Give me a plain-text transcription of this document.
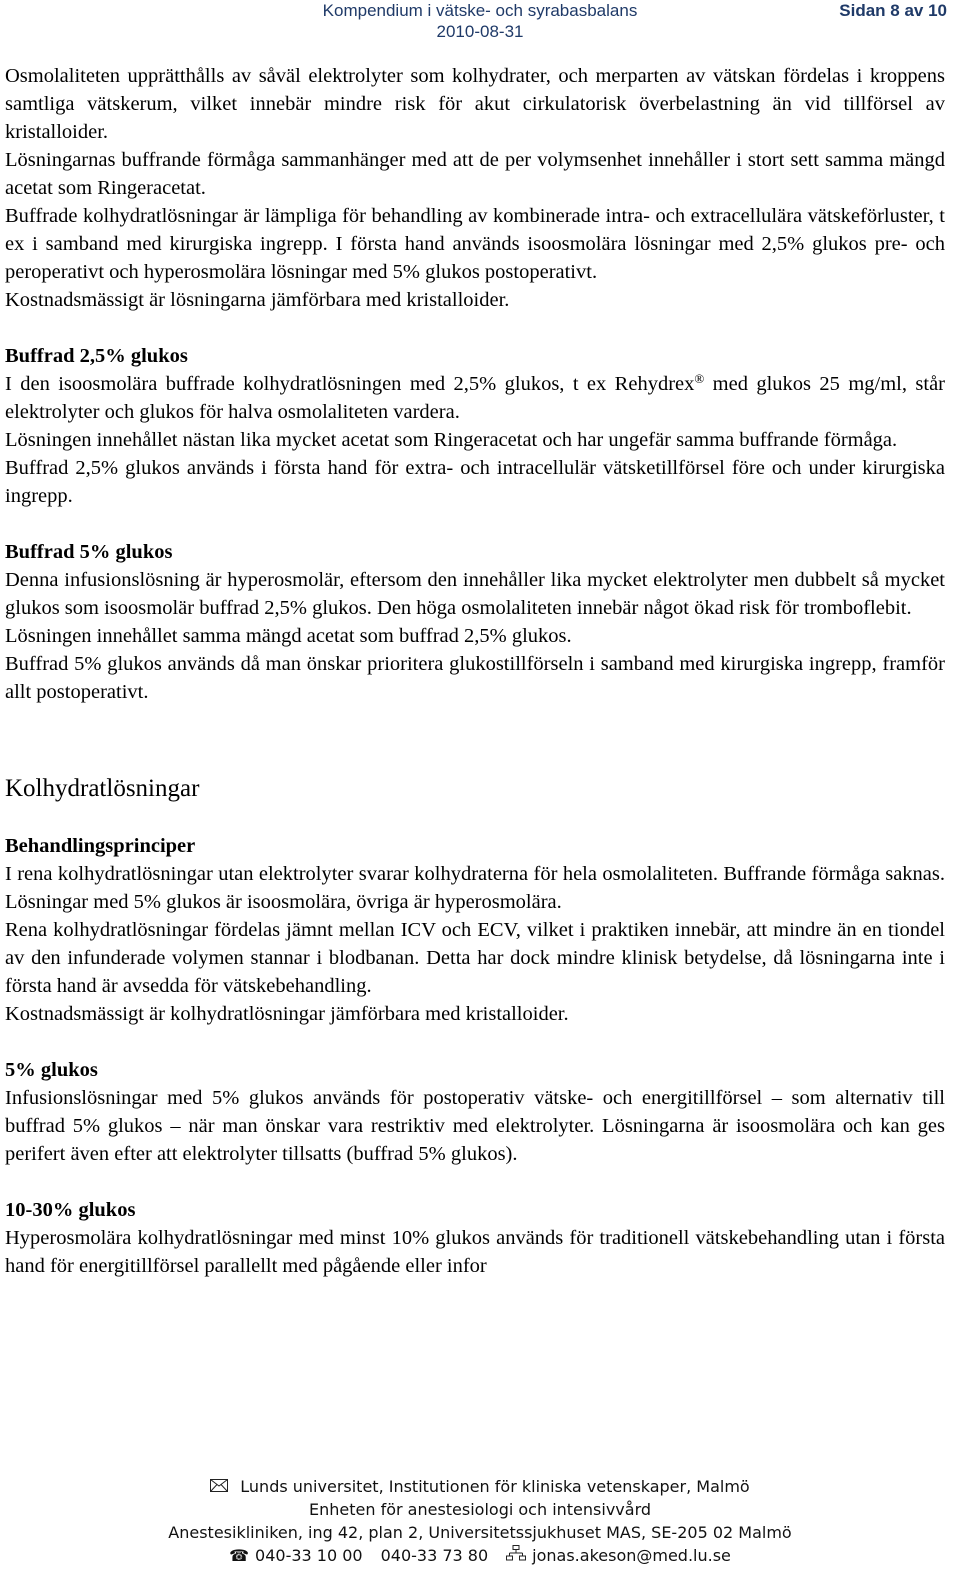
Kompendium i vätske- och syrabasbalans
2010-08-31
Sidan 8 av 10

Osmolaliteten upprätthålls av såväl elektrolyter som kolhydrater, och merparten av vätskan fördelas i kroppens samtliga vätskerum, vilket innebär mindre risk för akut cirkulatorisk överbelastning än vid tillförsel av kristalloider.

Lösningarnas buffrande förmåga sammanhänger med att de per volymsenhet innehåller i stort sett samma mängd acetat som Ringeracetat.

Buffrade kolhydratlösningar är lämpliga för behandling av kombinerade intra- och extracellulära vätskeförluster, t ex i samband med kirurgiska ingrepp. I första hand används isoosmolära lösningar med 2,5% glukos pre- och peroperativt och hyperosmolära lösningar med 5% glukos postoperativt.

Kostnadsmässigt är lösningarna jämförbara med kristalloider.

Buffrad 2,5% glukos

I den isoosmolära buffrade kolhydratlösningen med 2,5% glukos, t ex Rehydrex® med glukos 25 mg/ml, står elektrolyter och glukos för halva osmolaliteten vardera.

Lösningen innehållet nästan lika mycket acetat som Ringeracetat och har ungefär samma buffrande förmåga.

Buffrad 2,5% glukos används i första hand för extra- och intracellulär vätsketillförsel före och under kirurgiska ingrepp.

Buffrad 5% glukos

Denna infusionslösning är hyperosmolär, eftersom den innehåller lika mycket elektrolyter men dubbelt så mycket glukos som isoosmolär buffrad 2,5% glukos. Den höga osmolaliteten innebär något ökad risk för tromboflebit.

Lösningen innehållet samma mängd acetat som buffrad 2,5% glukos.

Buffrad 5% glukos används då man önskar prioritera glukostillförseln i samband med kirurgiska ingrepp, framför allt postoperativt.

Kolhydratlösningar

Behandlingsprinciper

I rena kolhydratlösningar utan elektrolyter svarar kolhydraterna för hela osmolaliteten. Buffrande förmåga saknas. Lösningar med 5% glukos är isoosmolära, övriga är hyperosmolära.

Rena kolhydratlösningar fördelas jämnt mellan ICV och ECV, vilket i praktiken innebär, att mindre än en tiondel av den infunderade volymen stannar i blodbanan. Detta har dock mindre klinisk betydelse, då lösningarna inte i första hand är avsedda för vätskebehandling.

Kostnadsmässigt är kolhydratlösningar jämförbara med kristalloider.

5% glukos

Infusionslösningar med 5% glukos används för postoperativ vätske- och energitillförsel – som alternativ till buffrad 5% glukos – när man önskar vara restriktiv med elektrolyter. Lösningarna är isoosmolära och kan ges perifert även efter att elektrolyter tillsatts (buffrad 5% glukos).

10-30% glukos

Hyperosmolära kolhydratlösningar med minst 10% glukos används för traditionell vätskebehandling utan i första hand för energitillförsel parallellt med pågående eller infor

Lunds universitet, Institutionen för kliniska vetenskaper, Malmö
Enheten för anestesiologi och intensivvård
Anestesikliniken, ing 42, plan 2, Universitetssjukhuset MAS, SE-205 02 Malmö
☎ 040-33 10 00 040-33 73 80	jonas.akeson@med.lu.se
